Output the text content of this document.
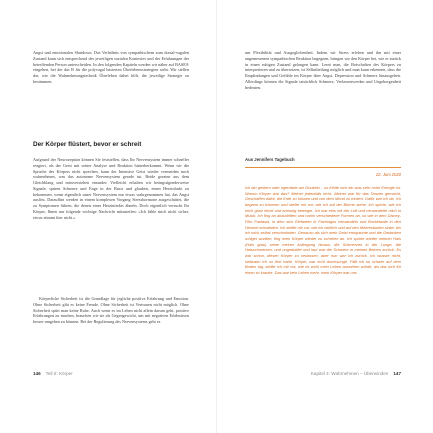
Angst und emotionalen Shutdown. Das Verhältnis von sympathischem zum dorsal-vagalen Zustand kann sich entsprechend des jeweiligen sozialen Kontextes und der Erfahrungen der betreffenden Person unterscheiden. In den folgenden Kapiteln werden wir näher auf BASE® eingehen, bei der das B für die polyvagal basierten Überlebensstrategien steht. Wir stellen dar, wie die Wahrnehmungstechnik Überleben dabei hilft, die jeweilige Strategie zu bestimmen.

Der Körper flüstert, bevor er schreit

Aufgrund der Neurozeption können Sie feststellen, dass Ihr Nervensystem immer schneller reagiert, als der Geist mit seiner Analyse und Reaktion hinterherkommt. Wenn wir die Sprache des Körpers nicht sprechen, kann der Intensive Geist wieder vermeiden noch wahrnehmen, was das autonome Nervensystem gerade tut. Beide geraten aus dem Gleichklang und missverstehen einander. Vielleicht erhalten wir beängstigenderweise Signale, spüren Schmerz und Enge in der Brust und glauben, einen Herzinfarkt zu bekommen, wenn eigentlich unser Nervensystem nur etwas wahrgenommen hat, das Angst auslöst. Daraufhin werden in einem komplexen Vorgang Stresshormone ausgeschüttet, die zu Symptomen führen, die denen eines Herzinfarkts ähneln. Doch eigentlich versucht Ihr Körper, Ihnen nur folgende wichtige Nachricht mitzuteilen: »Ich fühle mich nicht sicher, etwas stimmt hier nicht.«

Körperliche Sicherheit ist die Grundlage für jegliche positive Erfahrung und Emotion. Ohne Sicherheit gibt es keine Freude. Ohne Sicherheit ist Vertrauen nicht möglich. Ohne Sicherheit spürt man keine Ruhe. Auch wenn es im Leben nicht allein darum geht, positive Erfahrungen zu machen, brauchen wir sie als Gegengewicht, um mit negativen Erlebnissen besser umgehen zu können. Bei der Regulierung des Nervensystems geht es

146 Teil II: Körper

um Flexibilität und Ausgeglichenheit. Indem wir Stress erleben und ihn mit einer angemessenen sympathischen Reaktion begegnen, bringen wir den Körper bei, wie er zurück in einen ruhigen Zustand gelangen kann. Lernt man, die Botschaften des Körpers zu interpretieren und zu übersetzen, ist Selbstheilung möglich und man kann erkennen, dass die Empfindungen und Gefühle im Körper über Angst, Depression und Schmerz hinausgehen. Allerdings können die Signale tatsächlich Schmerz, Verlassenwerden und Ungeborgenheit bedeuten.

Aus Jennifers Tagebuch
22. Juni 2020

Ich bin gestern oder irgendwie am Dunkeln... so fühlte sich ein was sehr hohe Energie ist. Warum Körper war das? Meiner jedenfalls nicht. Meiner war für das Tanzen gemacht, Geschaffen dafür, die Erde zu küssen und von dem Mond zu trinken. Dafür war ich da. Ich begann zu träumen und stellte mir vor, wie ich auf der Bühne stehe. Ich spürte, wie ich mich ganz leicht und anmutig bewegte. Ich war eins mit der Luft und verwandelte mich in Musik. Ich fing an abzudriften und nahm verschiedene Formen an, so wie in dem Disney-Film Fantasia, in dem sich Elefanten in Flamingos verwandeln und Buckelwale in den Himmel schwebten. Ich stellte mir vor, wie ich wirklich und auf den Meeresboden sinke, bis ich mich selbst verschwinden. Genauso als sich mein Geist entspannte und die Gedanken ruhiger wurden, fing mein Körper wieder zu schreien an. Ich spürte wieder meinen Hals (Hals grau) seine meiner Aufregung hinaus, die Schmerzen in der Lunge, die Halsschmerzen, und ungeduldet und laut war die Schwere in meinen Beinen zurück. Es war schon, diesen Körper zu verlassen, aber nun war ich zurück. Ich wusste nicht, seitwann ich so fest hatte. Körper, war echt durchsunge. Fällt ich so schwer auf dem Boden lag, stellte ich mir vor, wie es wohl mein Leben aussehen würde, als das sich für einen so kranke. Das war kein Leben mehr, mein Körper war uns

Kapitel 4: Wahrnehmen – Überwinden 147
